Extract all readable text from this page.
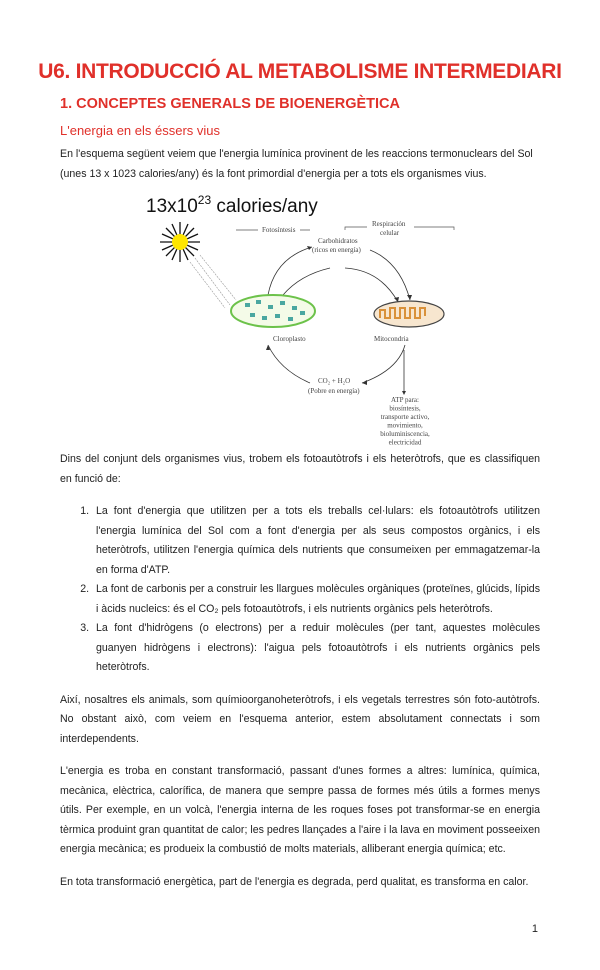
U6. INTRODUCCIÓ AL METABOLISME INTERMEDIARI
1. CONCEPTES GENERALS DE BIOENERGÈTICA
L'energia en els éssers vius
En l'esquema següent veiem que l'energia lumínica provinent de les reaccions termonuclears del Sol (unes 13 x 1023 calories/any) és la font primordial d'energia per a tots els organismes vius.
$13x10^{23}$ calories/any
Fotosíntesis
Respiración
celular
Carbohidratos
(ricos en energía)
Cloroplasto	Mitocondria
CO₂ + H₂O
(Pobre en energía)
ATP para:
biosíntesis,
transporte activo,
movimiento,
bioluminiscencia,
electricidad

Dins del conjunt dels organismes vius, trobem els fotoautòtrofs i els heteròtrofs, que es classifiquen en funció de:

1. La font d'energia que utilitzen per a tots els treballs cel·lulars: els fotoautòtrofs utilitzen l'energia lumínica del Sol com a font d'energia per als seus compostos orgànics, i els heteròtrofs, utilitzen l'energia química dels nutrients que consumeixen per emmagatzemar-la en forma d'ATP.
2. La font de carbonis per a construir les llargues molècules orgàniques (proteïnes, glúcids, lípids i àcids nucleics: és el CO₂ pels fotoautòtrofs, i els nutrients orgànics pels heteròtrofs.
3. La font d'hidrògens (o electrons) per a reduir molècules (per tant, aquestes molècules guanyen hidrògens i electrons): l'aigua pels fotoautòtrofs i els nutrients orgànics pels heteròtrofs.

Així, nosaltres els animals, som químioorganoheteròtrofs, i els vegetals terrestres són foto-autòtrofs. No obstant això, com veiem en l'esquema anterior, estem absolutament connectats i som interdependents.

L'energia es troba en constant transformació, passant d'unes formes a altres: lumínica, química, mecànica, elèctrica, calorífica, de manera que sempre passa de formes més útils a formes menys útils. Per exemple, en un volcà, l'energia interna de les roques foses pot transformar-se en energia tèrmica produint gran quantitat de calor; les pedres llançades a l'aire i la lava en moviment posseeixen energia mecànica; es produeix la combustió de molts materials, alliberant energia química; etc.

En tota transformació energètica, part de l'energia es degrada, perd qualitat, es transforma en calor.

1
